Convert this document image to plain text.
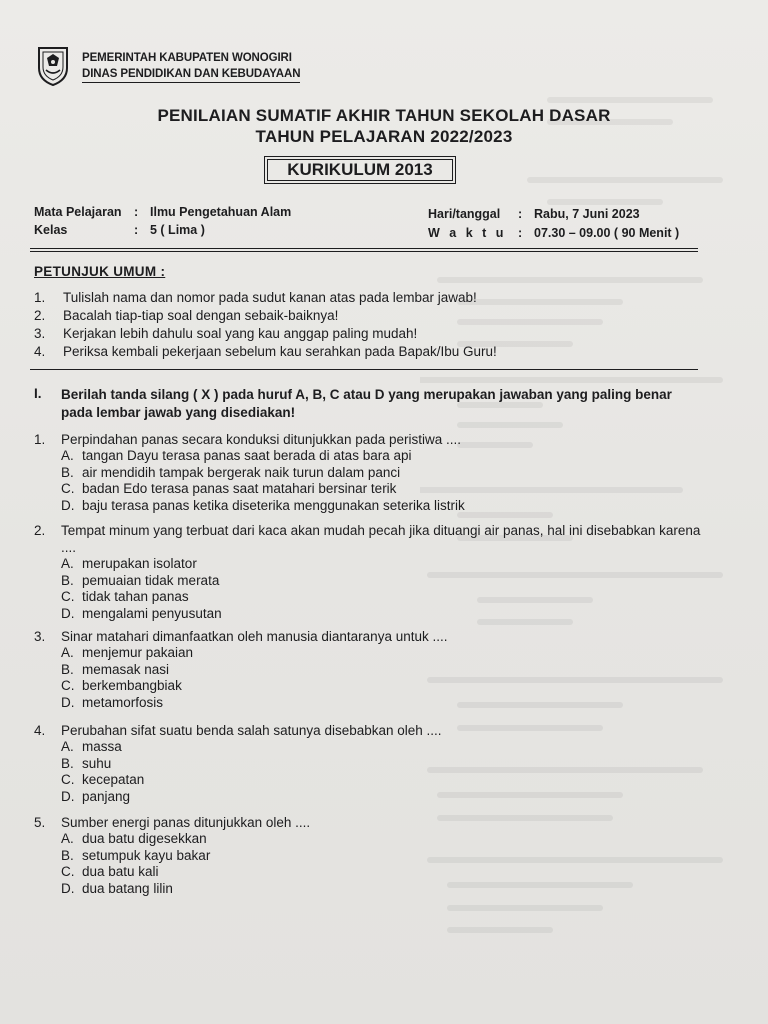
PEMERINTAH KABUPATEN WONOGIRI
DINAS PENDIDIKAN DAN KEBUDAYAAN
PENILAIAN SUMATIF AKHIR TAHUN SEKOLAH DASAR
TAHUN PELAJARAN 2022/2023
KURIKULUM 2013
Mata Pelajaran : Ilmu Pengetahuan Alam
Kelas	: 5 ( Lima )
Hari/tanggal : Rabu, 7 Juni 2023
W a k t u : 07.30 – 09.00 ( 90 Menit )
PETUNJUK UMUM :
1.	Tulislah nama dan nomor pada sudut kanan atas pada lembar jawab!
2.	Bacalah tiap-tiap soal dengan sebaik-baiknya!
3.	Kerjakan lebih dahulu soal yang kau anggap paling mudah!
4.	Periksa kembali pekerjaan sebelum kau serahkan pada Bapak/Ibu Guru!
I.	Berilah tanda silang ( X ) pada huruf A, B, C atau D yang merupakan jawaban yang paling benar pada lembar jawab yang disediakan!
1.	Perpindahan panas secara konduksi ditunjukkan pada peristiwa ....
A. tangan Dayu terasa panas saat berada di atas bara api
B. air mendidih tampak bergerak naik turun dalam panci
C. badan Edo terasa panas saat matahari bersinar terik
D. baju terasa panas ketika diseterika menggunakan seterika listrik
2.	Tempat minum yang terbuat dari kaca akan mudah pecah jika dituangi air panas, hal ini disebabkan karena ....
A. merupakan isolator
B. pemuaian tidak merata
C. tidak tahan panas
D. mengalami penyusutan
3.	Sinar matahari dimanfaatkan oleh manusia diantaranya untuk ....
A. menjemur pakaian
B. memasak nasi
C. berkembangbiak
D. metamorfosis
4.	Perubahan sifat suatu benda salah satunya disebabkan oleh ....
A. massa
B. suhu
C. kecepatan
D. panjang
5.	Sumber energi panas ditunjukkan oleh ....
A. dua batu digesekkan
B. setumpuk kayu bakar
C. dua batu kali
D. dua batang lilin
